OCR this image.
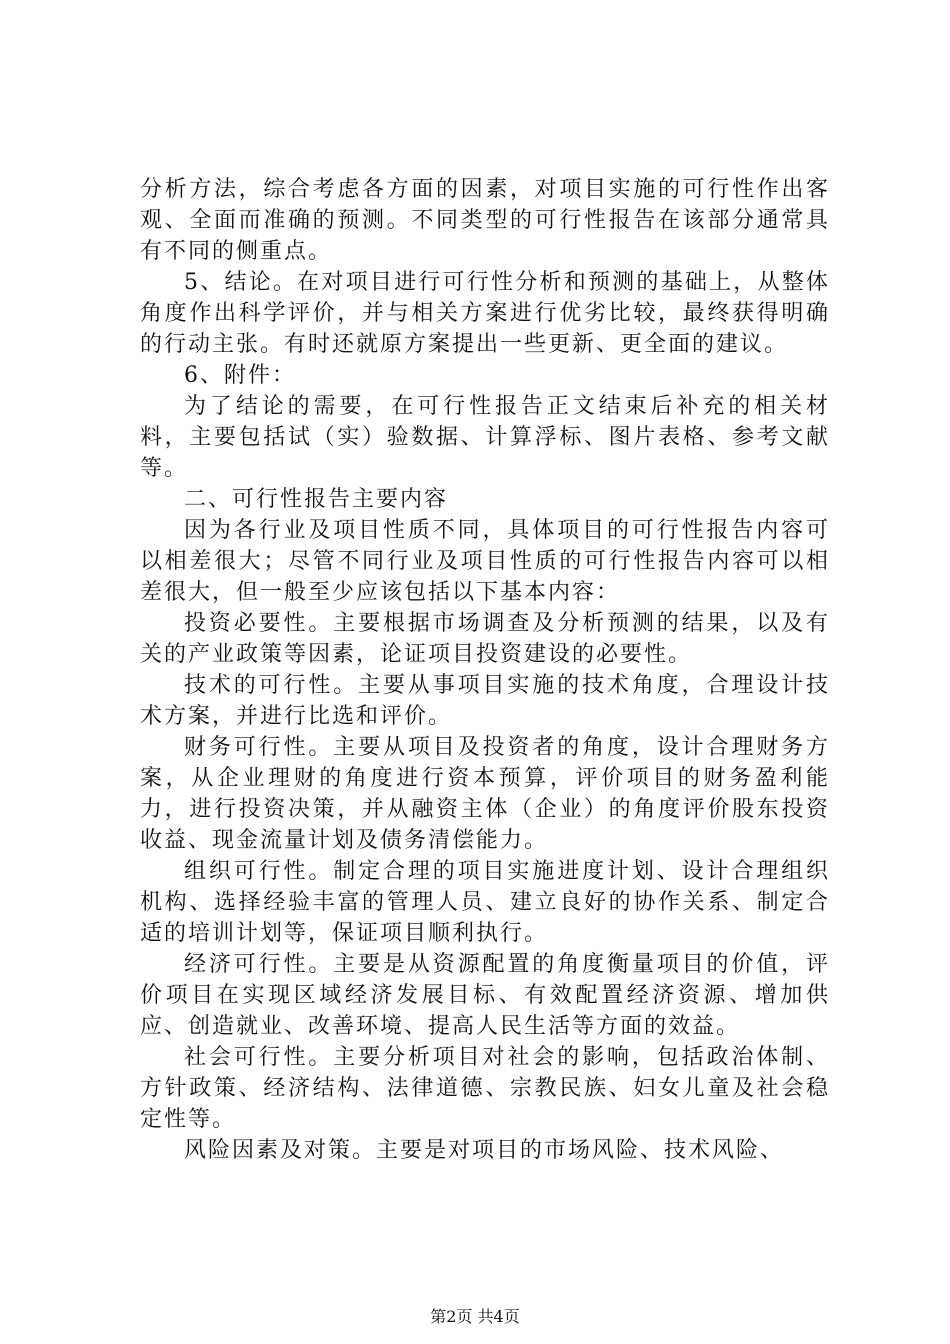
分析方法，综合考虑各方面的因素，对项目实施的可行性作出客观、全面而准确的预测。不同类型的可行性报告在该部分通常具有不同的侧重点。

5、结论。在对项目进行可行性分析和预测的基础上，从整体角度作出科学评价，并与相关方案进行优劣比较，最终获得明确的行动主张。有时还就原方案提出一些更新、更全面的建议。

6、附件：

为了结论的需要，在可行性报告正文结束后补充的相关材料，主要包括试（实）验数据、计算浮标、图片表格、参考文献等。

二、可行性报告主要内容

因为各行业及项目性质不同，具体项目的可行性报告内容可以相差很大；尽管不同行业及项目性质的可行性报告内容可以相差很大，但一般至少应该包括以下基本内容：

投资必要性。主要根据市场调查及分析预测的结果，以及有关的产业政策等因素，论证项目投资建设的必要性。

技术的可行性。主要从事项目实施的技术角度，合理设计技术方案，并进行比选和评价。

财务可行性。主要从项目及投资者的角度，设计合理财务方案，从企业理财的角度进行资本预算，评价项目的财务盈利能力，进行投资决策，并从融资主体（企业）的角度评价股东投资收益、现金流量计划及债务清偿能力。

组织可行性。制定合理的项目实施进度计划、设计合理组织机构、选择经验丰富的管理人员、建立良好的协作关系、制定合适的培训计划等，保证项目顺利执行。

经济可行性。主要是从资源配置的角度衡量项目的价值，评价项目在实现区域经济发展目标、有效配置经济资源、增加供应、创造就业、改善环境、提高人民生活等方面的效益。

社会可行性。主要分析项目对社会的影响，包括政治体制、方针政策、经济结构、法律道德、宗教民族、妇女儿童及社会稳定性等。

风险因素及对策。主要是对项目的市场风险、技术风险、

第2页 共4页
